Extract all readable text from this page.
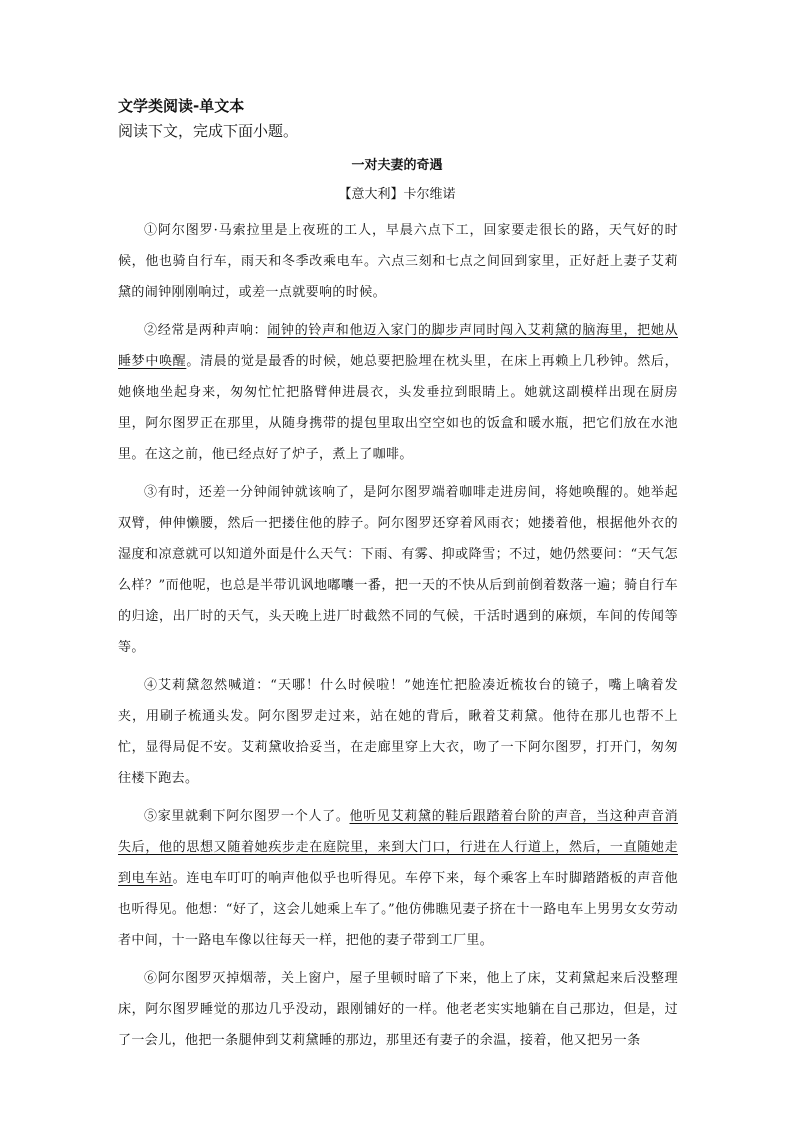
文学类阅读-单文本
阅读下文，完成下面小题。
一对夫妻的奇遇
【意大利】卡尔维诺

①阿尔图罗·马索拉里是上夜班的工人，早晨六点下工，回家要走很长的路，天气好的时候，他也骑自行车，雨天和冬季改乘电车。六点三刻和七点之间回到家里，正好赶上妻子艾莉黛的闹钟刚刚响过，或差一点就要响的时候。

②经常是两种声响：闹钟的铃声和他迈入家门的脚步声同时闯入艾莉黛的脑海里，把她从睡梦中唤醒。清晨的觉是最香的时候，她总要把脸埋在枕头里，在床上再赖上几秒钟。然后，她倏地坐起身来，匆匆忙忙把胳臂伸进晨衣，头发垂拉到眼睛上。她就这副模样出现在厨房里，阿尔图罗正在那里，从随身携带的提包里取出空空如也的饭盒和暖水瓶，把它们放在水池里。在这之前，他已经点好了炉子，煮上了咖啡。

③有时，还差一分钟闹钟就该响了，是阿尔图罗端着咖啡走进房间，将她唤醒的。她举起双臂，伸伸懒腰，然后一把搂住他的脖子。阿尔图罗还穿着风雨衣；她搂着他，根据他外衣的湿度和凉意就可以知道外面是什么天气：下雨、有雾、抑或降雪；不过，她仍然要问：“天气怎么样？”而他呢，也总是半带讥讽地嘟囔一番，把一天的不快从后到前倒着数落一遍；骑自行车的归途，出厂时的天气，头天晚上进厂时截然不同的气候，干活时遇到的麻烦，车间的传闻等等。

④艾莉黛忽然喊道：“天哪！什么时候啦！”她连忙把脸凑近梳妆台的镜子，嘴上噙着发夹，用刷子梳通头发。阿尔图罗走过来，站在她的背后，瞅着艾莉黛。他待在那儿也帮不上忙，显得局促不安。艾莉黛收拾妥当，在走廊里穿上大衣，吻了一下阿尔图罗，打开门，匆匆往楼下跑去。

⑤家里就剩下阿尔图罗一个人了。他听见艾莉黛的鞋后跟踏着台阶的声音，当这种声音消失后，他的思想又随着她疾步走在庭院里，来到大门口，行进在人行道上，然后，一直随她走到电车站。连电车叮叮的响声他似乎也听得见。车停下来，每个乘客上车时脚踏踏板的声音他也听得见。他想：“好了，这会儿她乘上车了。”他仿佛瞧见妻子挤在十一路电车上男男女女劳动者中间，十一路电车像以往每天一样，把他的妻子带到工厂里。

⑥阿尔图罗灭掉烟蒂，关上窗户，屋子里顿时暗了下来，他上了床，艾莉黛起来后没整理床，阿尔图罗睡觉的那边几乎没动，跟刚铺好的一样。他老老实实地躺在自己那边，但是，过了一会儿，他把一条腿伸到艾莉黛睡的那边，那里还有妻子的余温，接着，他又把另一条
